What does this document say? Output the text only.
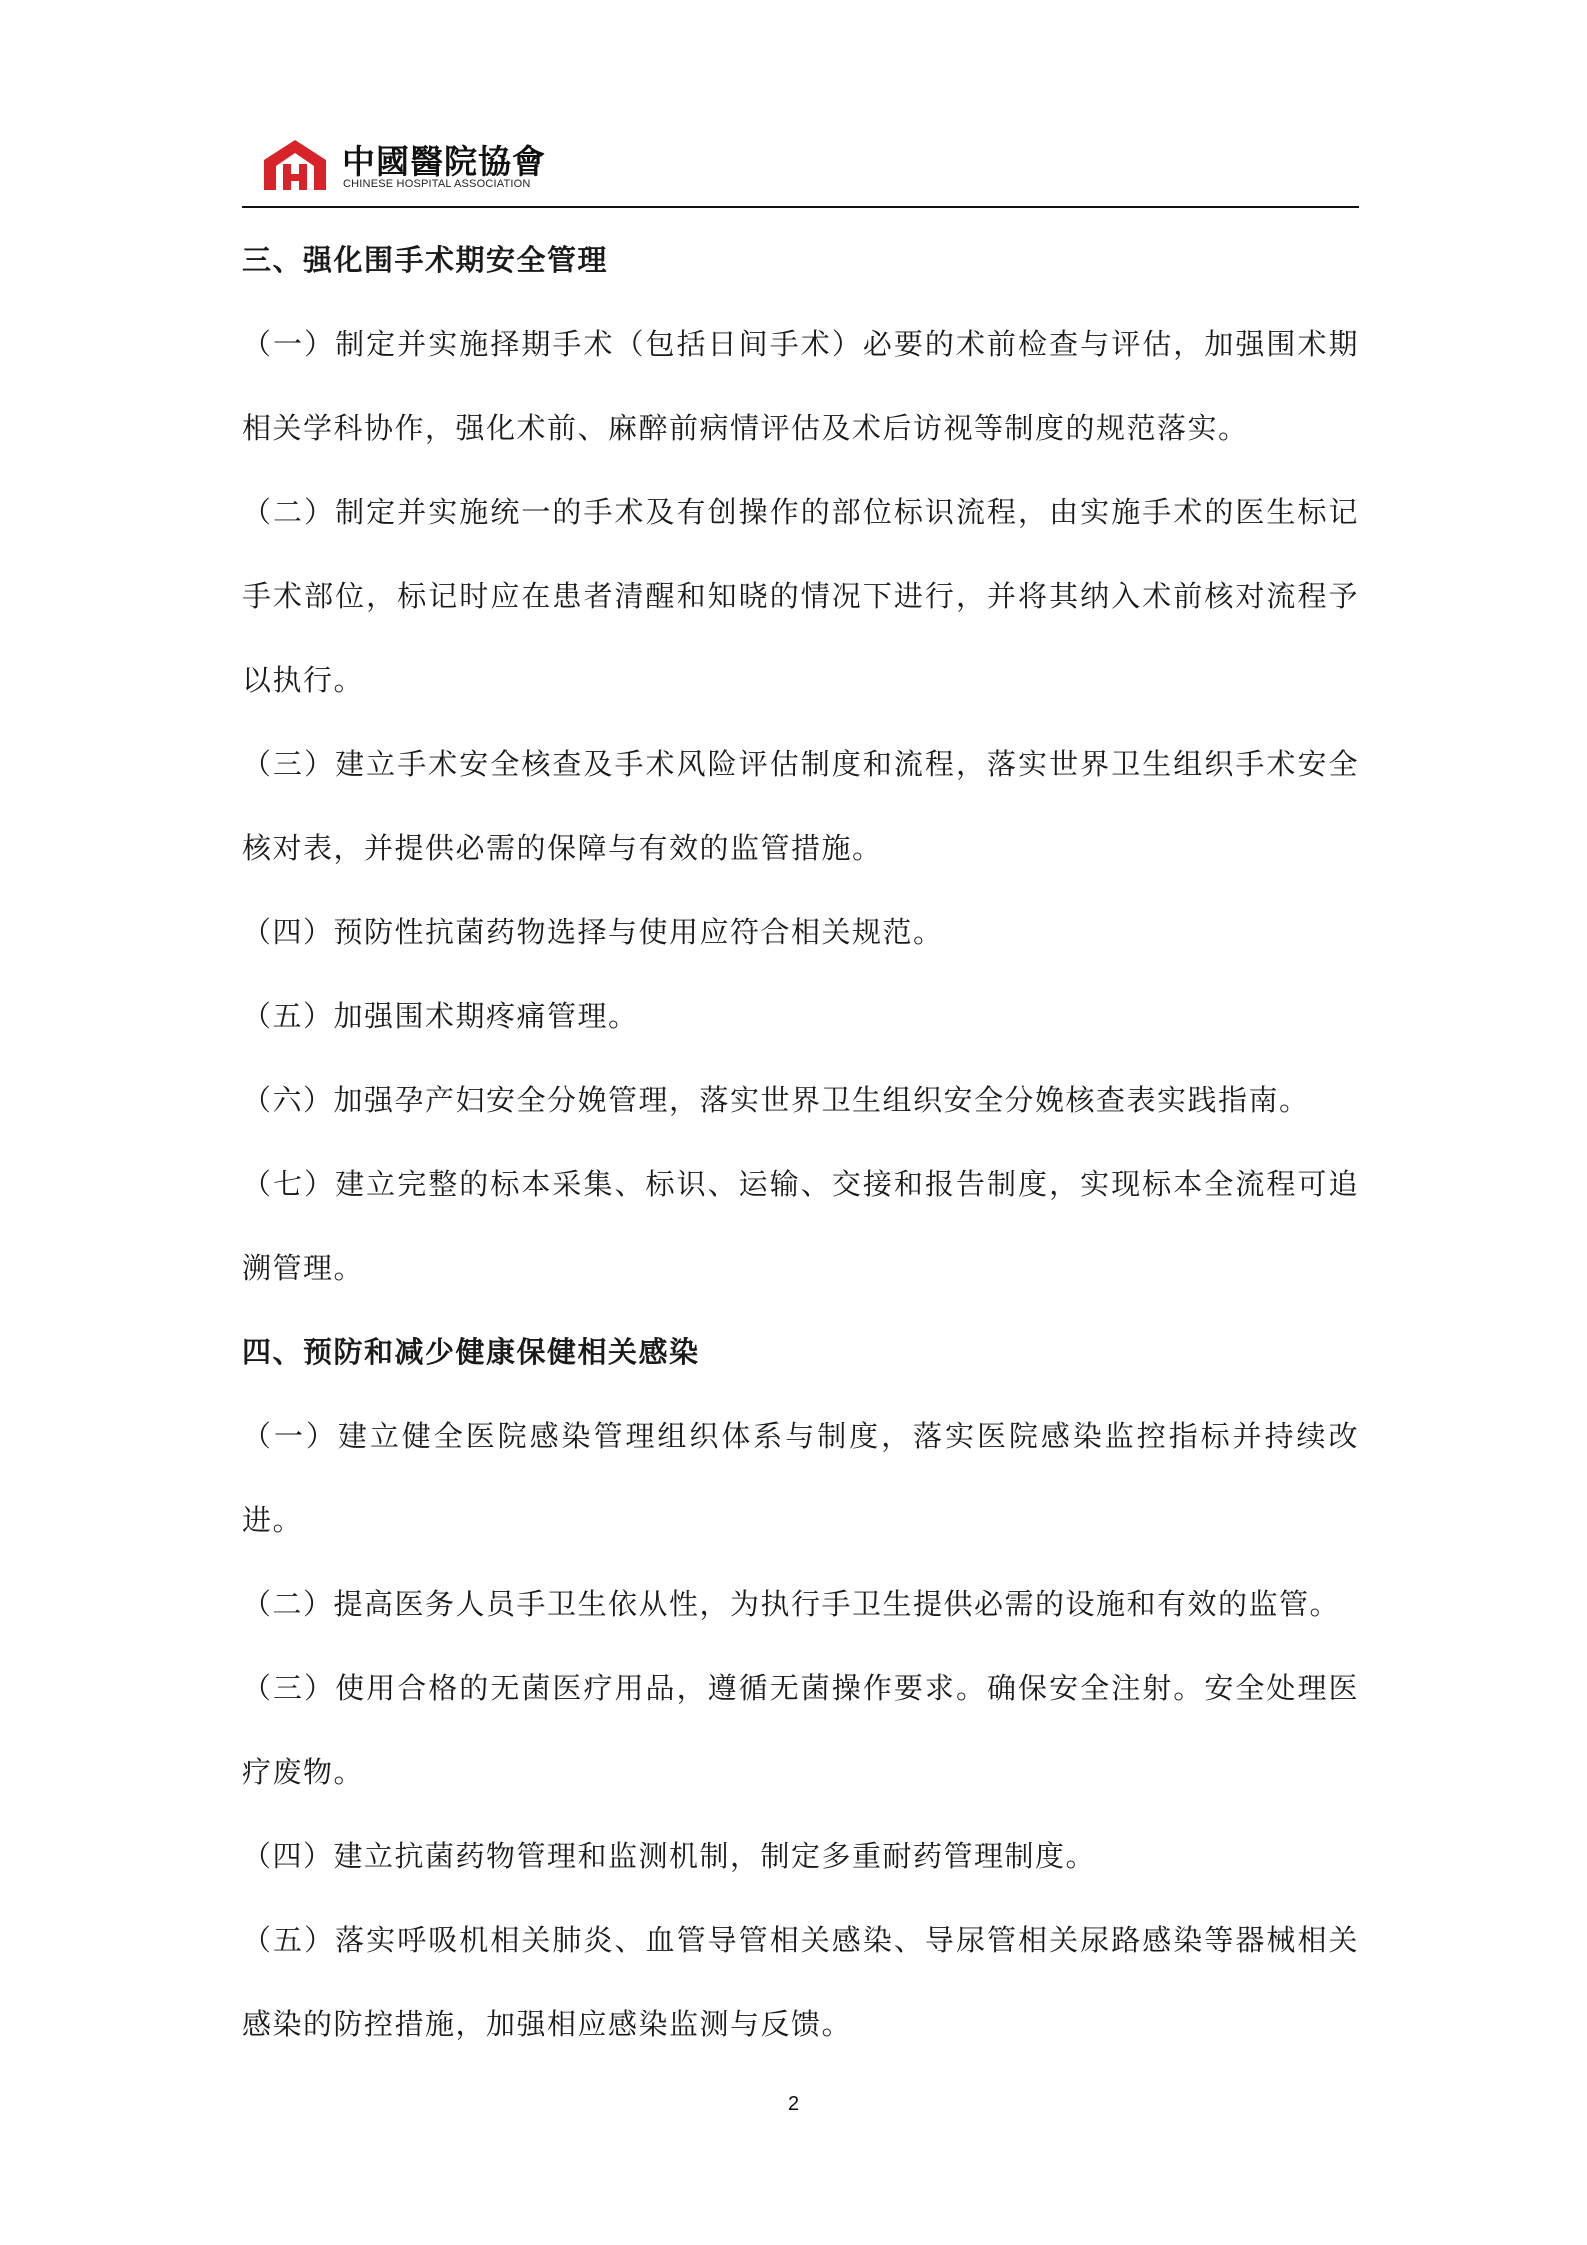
中國醫院協會
CHINESE HOSPITAL ASSOCIATION

三、强化围手术期安全管理

（一）制定并实施择期手术（包括日间手术）必要的术前检查与评估，加强围术期相关学科协作，强化术前、麻醉前病情评估及术后访视等制度的规范落实。

（二）制定并实施统一的手术及有创操作的部位标识流程，由实施手术的医生标记手术部位，标记时应在患者清醒和知晓的情况下进行，并将其纳入术前核对流程予以执行。

（三）建立手术安全核查及手术风险评估制度和流程，落实世界卫生组织手术安全核对表，并提供必需的保障与有效的监管措施。

（四）预防性抗菌药物选择与使用应符合相关规范。

（五）加强围术期疼痛管理。

（六）加强孕产妇安全分娩管理，落实世界卫生组织安全分娩核查表实践指南。

（七）建立完整的标本采集、标识、运输、交接和报告制度，实现标本全流程可追溯管理。

四、预防和减少健康保健相关感染

（一）建立健全医院感染管理组织体系与制度，落实医院感染监控指标并持续改进。

（二）提高医务人员手卫生依从性，为执行手卫生提供必需的设施和有效的监管。

（三）使用合格的无菌医疗用品，遵循无菌操作要求。确保安全注射。安全处理医疗废物。

（四）建立抗菌药物管理和监测机制，制定多重耐药管理制度。

（五）落实呼吸机相关肺炎、血管导管相关感染、导尿管相关尿路感染等器械相关感染的防控措施，加强相应感染监测与反馈。

2
